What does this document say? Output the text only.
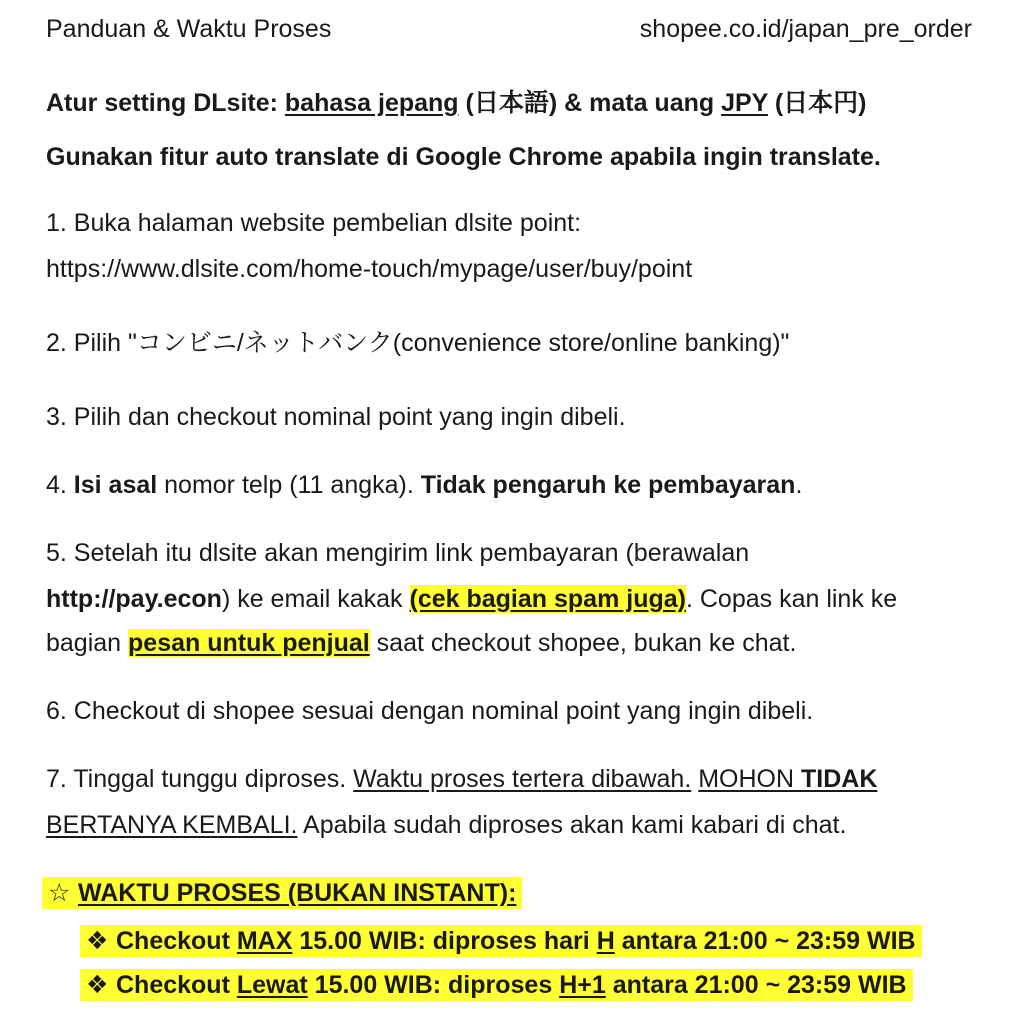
Panduan & Waktu Proses	shopee.co.id/japan_pre_order
Atur setting DLsite: bahasa jepang (日本語) & mata uang JPY (日本円)
Gunakan fitur auto translate di Google Chrome apabila ingin translate.
1. Buka halaman website pembelian dlsite point:
https://www.dlsite.com/home-touch/mypage/user/buy/point
2. Pilih "コンビニ/ネットバンク(convenience store/online banking)"
3. Pilih dan checkout nominal point yang ingin dibeli.
4. Isi asal nomor telp (11 angka). Tidak pengaruh ke pembayaran.
5. Setelah itu dlsite akan mengirim link pembayaran (berawalan
http://pay.econ) ke email kakak (cek bagian spam juga). Copas kan link ke
bagian pesan untuk penjual saat checkout shopee, bukan ke chat.
6. Checkout di shopee sesuai dengan nominal point yang ingin dibeli.
7. Tinggal tunggu diproses. Waktu proses tertera dibawah. MOHON TIDAK
BERTANYA KEMBALI. Apabila sudah diproses akan kami kabari di chat.
☆ WAKTU PROSES (BUKAN INSTANT):
❖ Checkout MAX 15.00 WIB: diproses hari H antara 21:00 ~ 23:59 WIB
❖ Checkout Lewat 15.00 WIB: diproses H+1 antara 21:00 ~ 23:59 WIB
